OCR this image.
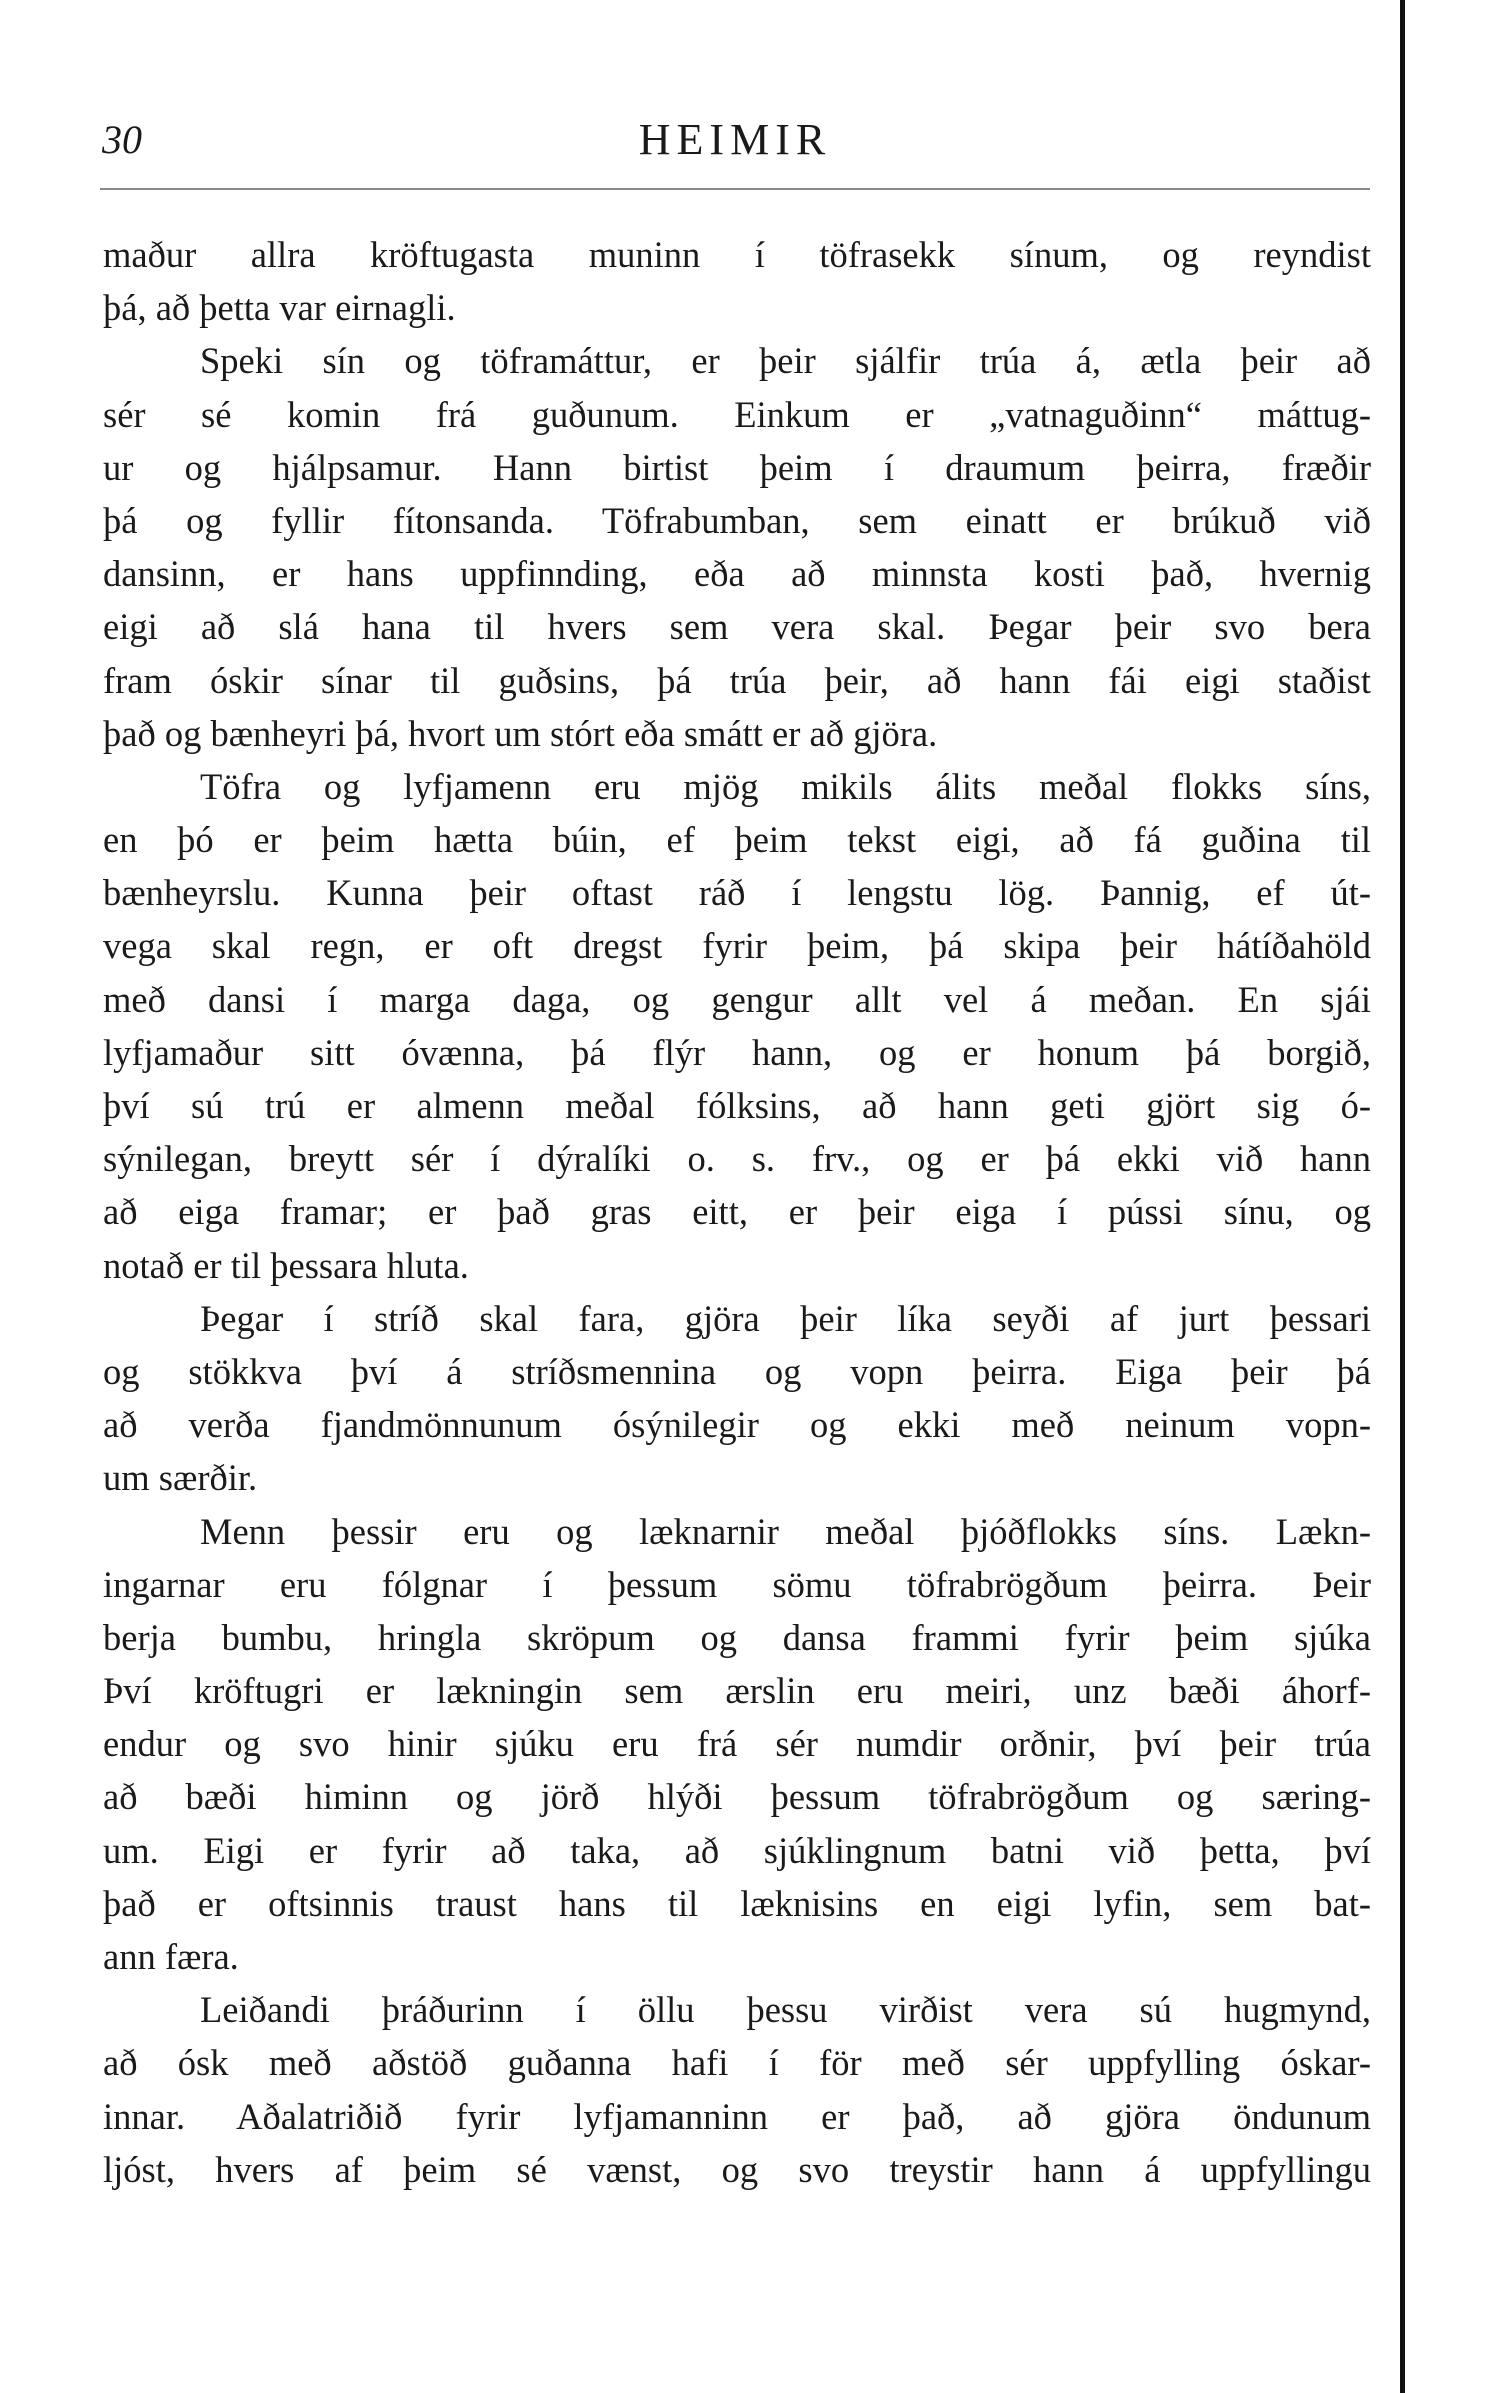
30	HEIMIR
maður allra kröftugasta muninn í töfrasekk sínum, og reyndist
þá, að þetta var eirnagli.
Speki sín og töframáttur, er þeir sjálfir trúa á, ætla þeir að
sér sé komin frá guðunum. Einkum er „vatnaguðinn“ máttug-
ur og hjálpsamur. Hann birtist þeim í draumum þeirra, fræðir
þá og fyllir fítonsanda. Töfrabumban, sem einatt er brúkuð við
dansinn, er hans uppfinnding, eða að minnsta kosti það, hvernig
eigi að slá hana til hvers sem vera skal. Þegar þeir svo bera
fram óskir sínar til guðsins, þá trúa þeir, að hann fái eigi staðist
það og bænheyri þá, hvort um stórt eða smátt er að gjöra.
Töfra og lyfjamenn eru mjög mikils álits meðal flokks síns,
en þó er þeim hætta búin, ef þeim tekst eigi, að fá guðina til
bænheyrslu. Kunna þeir oftast ráð í lengstu lög. Þannig, ef út-
vega skal regn, er oft dregst fyrir þeim, þá skipa þeir hátíðahöld
með dansi í marga daga, og gengur allt vel á meðan. En sjái
lyfjamaður sitt óvænna, þá flýr hann, og er honum þá borgið,
því sú trú er almenn meðal fólksins, að hann geti gjört sig ó-
sýnilegan, breytt sér í dýralíki o. s. frv., og er þá ekki við hann
að eiga framar; er það gras eitt, er þeir eiga í pússi sínu, og
notað er til þessara hluta.
Þegar í stríð skal fara, gjöra þeir líka seyði af jurt þessari
og stökkva því á stríðsmennina og vopn þeirra. Eiga þeir þá
að verða fjandmönnunum ósýnilegir og ekki með neinum vopn-
um særðir.
Menn þessir eru og læknarnir meðal þjóðflokks síns. Lækn-
ingarnar eru fólgnar í þessum sömu töfrabrögðum þeirra. Þeir
berja bumbu, hringla skröpum og dansa frammi fyrir þeim sjúka
Því kröftugri er lækningin sem ærslin eru meiri, unz bæði áhorf-
endur og svo hinir sjúku eru frá sér numdir orðnir, því þeir trúa
að bæði himinn og jörð hlýði þessum töfrabrögðum og særing-
um. Eigi er fyrir að taka, að sjúklingnum batni við þetta, því
það er oftsinnis traust hans til læknisins en eigi lyfin, sem bat-
ann færa.
Leiðandi þráðurinn í öllu þessu virðist vera sú hugmynd,
að ósk með aðstöð guðanna hafi í för með sér uppfylling óskar-
innar. Aðalatriðið fyrir lyfjamanninn er það, að gjöra öndunum
ljóst, hvers af þeim sé vænst, og svo treystir hann á uppfyllingu
